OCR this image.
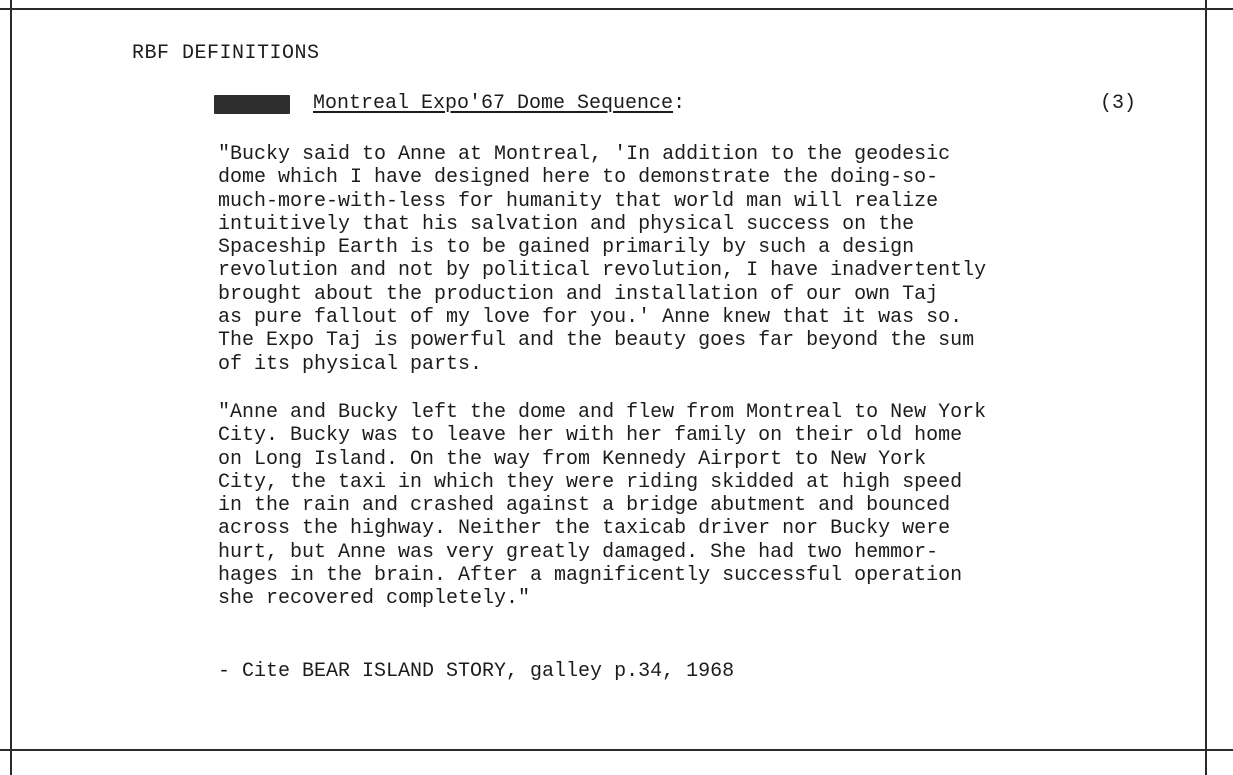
RBF DEFINITIONS
Montreal Expo'67 Dome Sequence:	(3)
"Bucky said to Anne at Montreal, 'In addition to the geodesic
dome which I have designed here to demonstrate the doing-so-
much-more-with-less for humanity that world man will realize
intuitively that his salvation and physical success on the
Spaceship Earth is to be gained primarily by such a design
revolution and not by political revolution, I have inadvertently
brought about the production and installation of our own Taj
as pure fallout of my love for you.' Anne knew that it was so.
The Expo Taj is powerful and the beauty goes far beyond the sum
of its physical parts.
"Anne and Bucky left the dome and flew from Montreal to New York
City. Bucky was to leave her with her family on their old home
on Long Island. On the way from Kennedy Airport to New York
City, the taxi in which they were riding skidded at high speed
in the rain and crashed against a bridge abutment and bounced
across the highway. Neither the taxicab driver nor Bucky were
hurt, but Anne was very greatly damaged. She had two hemmor-
hages in the brain. After a magnificently successful operation
she recovered completely."
- Cite BEAR ISLAND STORY, galley p.34, 1968
